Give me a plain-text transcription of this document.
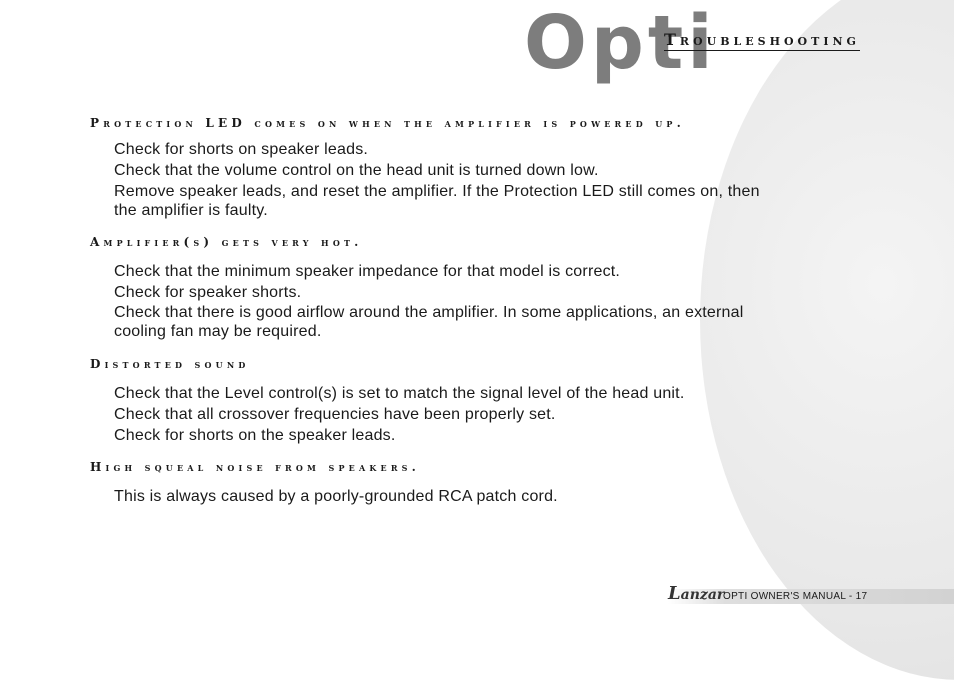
Opti
Troubleshooting
Protection LED comes on when the amplifier is powered up.
Check for shorts on speaker leads.
Check that the volume control on the head unit is turned down low.
Remove speaker leads, and reset the amplifier. If the Protection LED still comes on, then the amplifier is faulty.
Amplifier(s) gets very hot.
Check that the minimum speaker impedance for that model is correct.
Check for speaker shorts.
Check that there is good airflow around the amplifier. In some applications, an external cooling fan may be required.
Distorted sound
Check that the Level control(s) is set to match the signal level of the head unit.
Check that all crossover frequencies have been properly set.
Check for shorts on the speaker leads.
High squeal noise from speakers.
This is always caused by a poorly-grounded RCA patch cord.
Lanzar
OPTI OWNER'S MANUAL - 17
